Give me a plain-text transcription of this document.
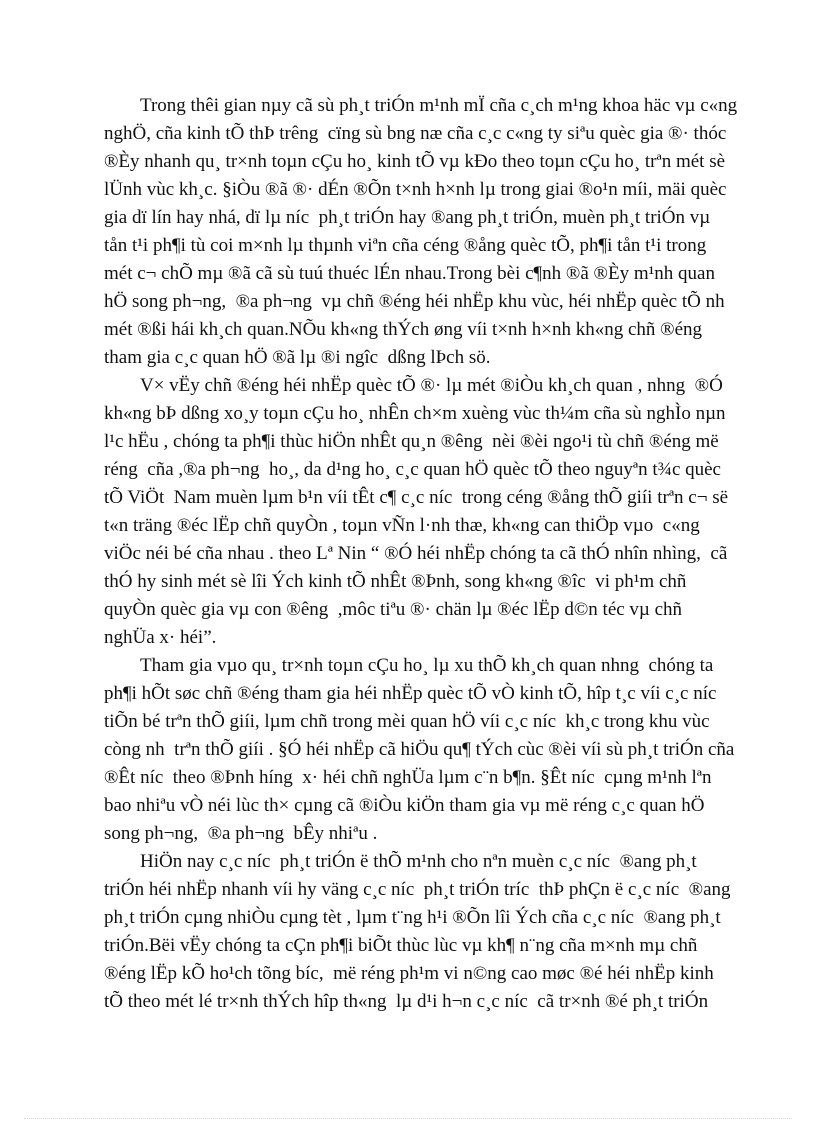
Trong thêi gian nµy cã sù ph¸t triÓn m¹nh mÏ cña c¸ch m¹ng khoa häc vµ c«ng
nghÖ, cña kinh tÕ thÞ trêng  cïng sù bng næ cña c¸c c«ng ty siªu quèc gia ®· thóc
®Èy nhanh qu¸ tr×nh toµn cÇu ho¸ kinh tÕ vµ kÐo theo toµn cÇu ho¸ trªn mét sè
lÜnh vùc kh¸c. §iÒu ®ã ®· dÉn ®Õn t×nh h×nh lµ trong giai ®o¹n míi, mäi quèc
gia dï lín hay nhá, dï lµ níc  ph¸t triÓn hay ®ang ph¸t triÓn, muèn ph¸t triÓn vµ
tån t¹i ph¶i tù coi m×nh lµ thµnh viªn cña céng ®ång quèc tÕ, ph¶i tån t¹i trong
mét c¬ chÕ mµ ®ã cã sù tuú thuéc lÉn nhau.Trong bèi c¶nh ®ã ®Èy m¹nh quan
hÖ song ph¬ng,  ®a ph¬ng  vµ chñ ®éng héi nhËp khu vùc, héi nhËp quèc tÕ nh
mét ®ßi hái kh¸ch quan.NÕu kh«ng thÝch øng víi t×nh h×nh kh«ng chñ ®éng
tham gia c¸c quan hÖ ®ã lµ ®i ngîc  dßng lÞch sö.
V× vËy chñ ®éng héi nhËp quèc tÕ ®· lµ mét ®iÒu kh¸ch quan , nhng  ®Ó
kh«ng bÞ dßng xo¸y toµn cÇu ho¸ nhÊn ch×m xuèng vùc th¼m cña sù nghÌo nµn
l¹c hËu , chóng ta ph¶i thùc hiÖn nhÊt qu¸n ®êng  nèi ®èi ngo¹i tù chñ ®éng më
réng  cña ,®a ph¬ng  ho¸, da d¹ng ho¸ c¸c quan hÖ quèc tÕ theo nguyªn t¾c quèc
tÕ ViÖt  Nam muèn lµm b¹n víi tÊt c¶ c¸c níc  trong céng ®ång thÕ giíi trªn c¬ së
t«n träng ®éc lËp chñ quyÒn , toµn vÑn l·nh thæ, kh«ng can thiÖp vµo  c«ng
viÖc néi bé cña nhau . theo Lª Nin “ ®Ó héi nhËp chóng ta cã thÓ nhîn nhìng,  cã
thÓ hy sinh mét sè lîi Ých kinh tÕ nhÊt ®Þnh, song kh«ng ®îc  vi ph¹m chñ
quyÒn quèc gia vµ con ®êng  ,môc tiªu ®· chän lµ ®éc lËp d©n téc vµ chñ
nghÜa x· héi”.
Tham gia vµo qu¸ tr×nh toµn cÇu ho¸ lµ xu thÕ kh¸ch quan nhng  chóng ta
ph¶i hÕt søc chñ ®éng tham gia héi nhËp quèc tÕ vÒ kinh tÕ, hîp t¸c víi c¸c níc
tiÕn bé trªn thÕ giíi, lµm chñ trong mèi quan hÖ víi c¸c níc  kh¸c trong khu vùc
còng nh  trªn thÕ giíi . §Ó héi nhËp cã hiÖu qu¶ tÝch cùc ®èi víi sù ph¸t triÓn cña
®Êt níc  theo ®Þnh híng  x· héi chñ nghÜa lµm c¨n b¶n. §Êt níc  cµng m¹nh lªn
bao nhiªu vÒ néi lùc th× cµng cã ®iÒu kiÖn tham gia vµ më réng c¸c quan hÖ
song ph¬ng,  ®a ph¬ng  bÊy nhiªu .
HiÖn nay c¸c níc  ph¸t triÓn ë thÕ m¹nh cho nªn muèn c¸c níc  ®ang ph¸t
triÓn héi nhËp nhanh víi hy väng c¸c níc  ph¸t triÓn tríc  thÞ phÇn ë c¸c níc  ®ang
ph¸t triÓn cµng nhiÒu cµng tèt , lµm t¨ng h¹i ®Õn lîi Ých cña c¸c níc  ®ang ph¸t
triÓn.Bëi vËy chóng ta cÇn ph¶i biÕt thùc lùc vµ kh¶ n¨ng cña m×nh mµ chñ
®éng lËp kÕ ho¹ch tõng bíc,  më réng ph¹m vi n©ng cao møc ®é héi nhËp kinh
tÕ theo mét lé tr×nh thÝch hîp th«ng  lµ d¹i h¬n c¸c níc  cã tr×nh ®é ph¸t triÓn
